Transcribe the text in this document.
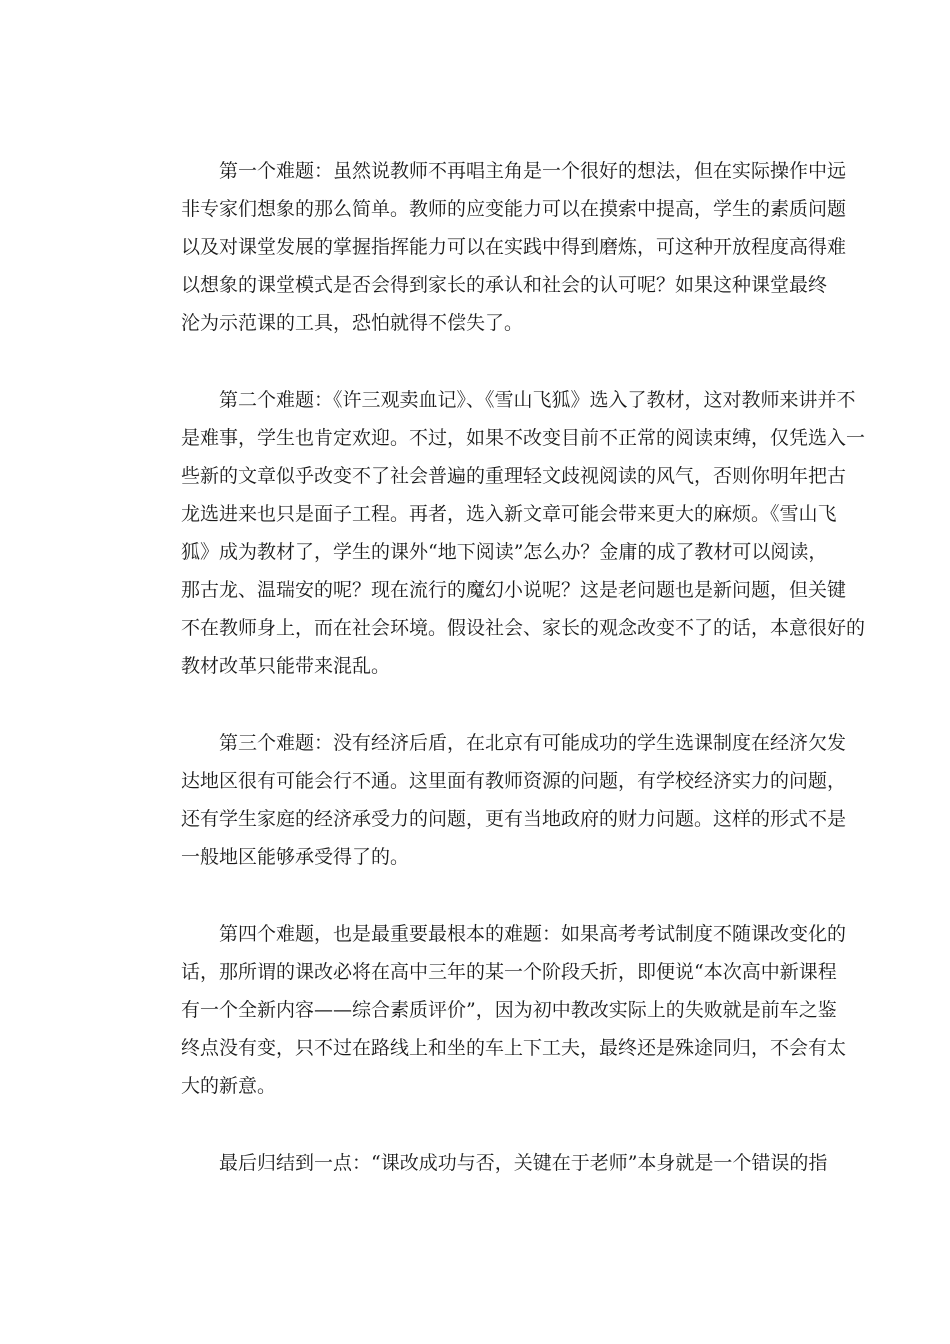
第一个难题：虽然说教师不再唱主角是一个很好的想法，但在实际操作中远
非专家们想象的那么简单。教师的应变能力可以在摸索中提高，学生的素质问题
以及对课堂发展的掌握指挥能力可以在实践中得到磨炼，可这种开放程度高得难
以想象的课堂模式是否会得到家长的承认和社会的认可呢？如果这种课堂最终
沦为示范课的工具，恐怕就得不偿失了。
第二个难题：《许三观卖血记》、《雪山飞狐》选入了教材，这对教师来讲并不
是难事，学生也肯定欢迎。不过，如果不改变目前不正常的阅读束缚，仅凭选入一
些新的文章似乎改变不了社会普遍的重理轻文歧视阅读的风气，否则你明年把古
龙选进来也只是面子工程。再者，选入新文章可能会带来更大的麻烦。《雪山飞
狐》成为教材了，学生的课外“地下阅读”怎么办？金庸的成了教材可以阅读，
那古龙、温瑞安的呢？现在流行的魔幻小说呢？这是老问题也是新问题，但关键
不在教师身上，而在社会环境。假设社会、家长的观念改变不了的话，本意很好的
教材改革只能带来混乱。
第三个难题：没有经济后盾，在北京有可能成功的学生选课制度在经济欠发
达地区很有可能会行不通。这里面有教师资源的问题，有学校经济实力的问题，
还有学生家庭的经济承受力的问题，更有当地政府的财力问题。这样的形式不是
一般地区能够承受得了的。
第四个难题，也是最重要最根本的难题：如果高考考试制度不随课改变化的
话，那所谓的课改必将在高中三年的某一个阶段夭折，即便说“本次高中新课程
有一个全新内容——综合素质评价”，因为初中教改实际上的失败就是前车之鉴
终点没有变，只不过在路线上和坐的车上下工夫，最终还是殊途同归，不会有太
大的新意。
最后归结到一点：“课改成功与否，关键在于老师”本身就是一个错误的指
